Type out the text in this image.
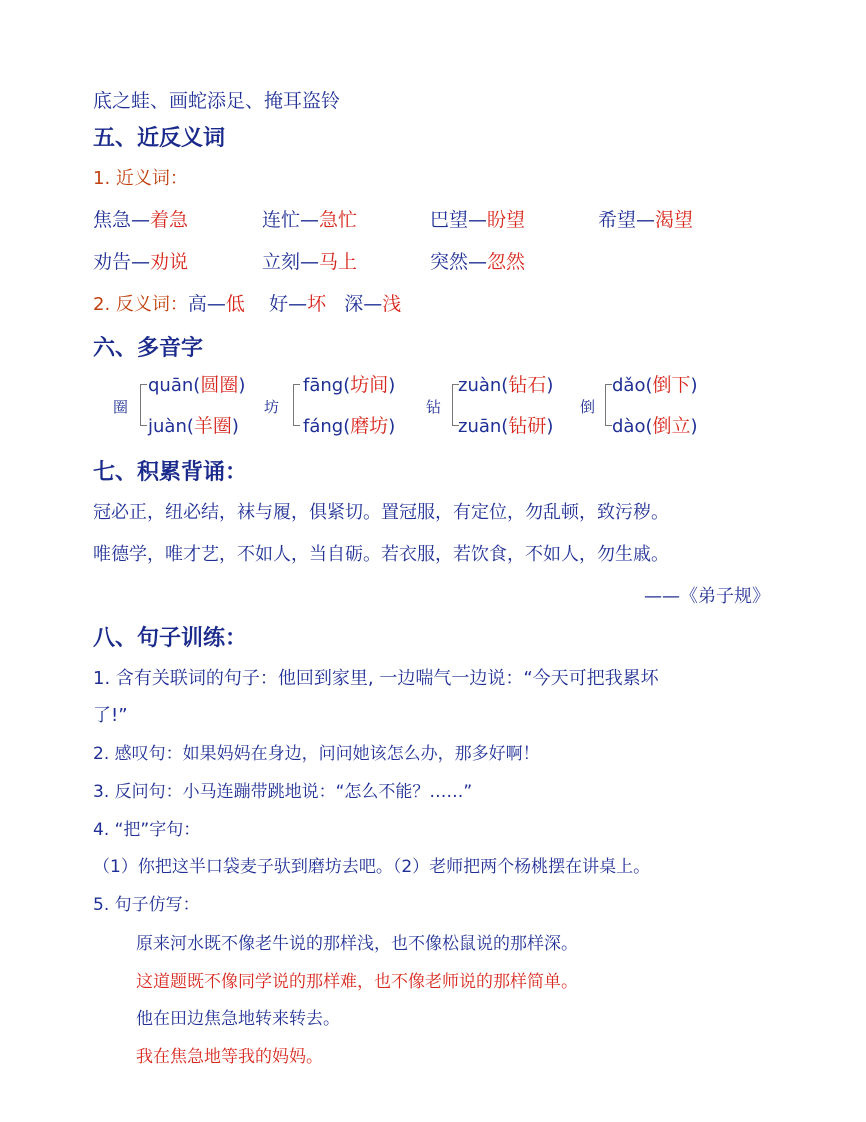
底之蛙、画蛇添足、掩耳盗铃
五、近反义词
1. 近义词：
焦急—着急	连忙—急忙	巴望—盼望	希望—渴望
劝告—劝说	立刻—马上	突然—忽然
2. 反义词：高—低 好—坏 深—浅
六、多音字
圈
quān(圆圈)
juàn(羊圈)
坊
fāng(坊间)
fáng(磨坊)
钻
zuàn(钻石)
zuān(钻研)
倒
dǎo(倒下)
dào(倒立)
七、积累背诵：
冠必正，纽必结，袜与履，俱紧切。置冠服，有定位，勿乱顿，致污秽。
唯德学，唯才艺，不如人，当自砺。若衣服，若饮食，不如人，勿生戚。
——《弟子规》
八、句子训练：
1. 含有关联词的句子：他回到家里, 一边喘气一边说：“今天可把我累坏
了!”
2. 感叹句：如果妈妈在身边，问问她该怎么办，那多好啊！
3. 反问句：小马连蹦带跳地说：“怎么不能？……”
4. “把”字句：
（1）你把这半口袋麦子驮到磨坊去吧。（2）老师把两个杨桃摆在讲桌上。
5. 句子仿写：
原来河水既不像老牛说的那样浅，也不像松鼠说的那样深。
这道题既不像同学说的那样难，也不像老师说的那样简单。
他在田边焦急地转来转去。
我在焦急地等我的妈妈。
